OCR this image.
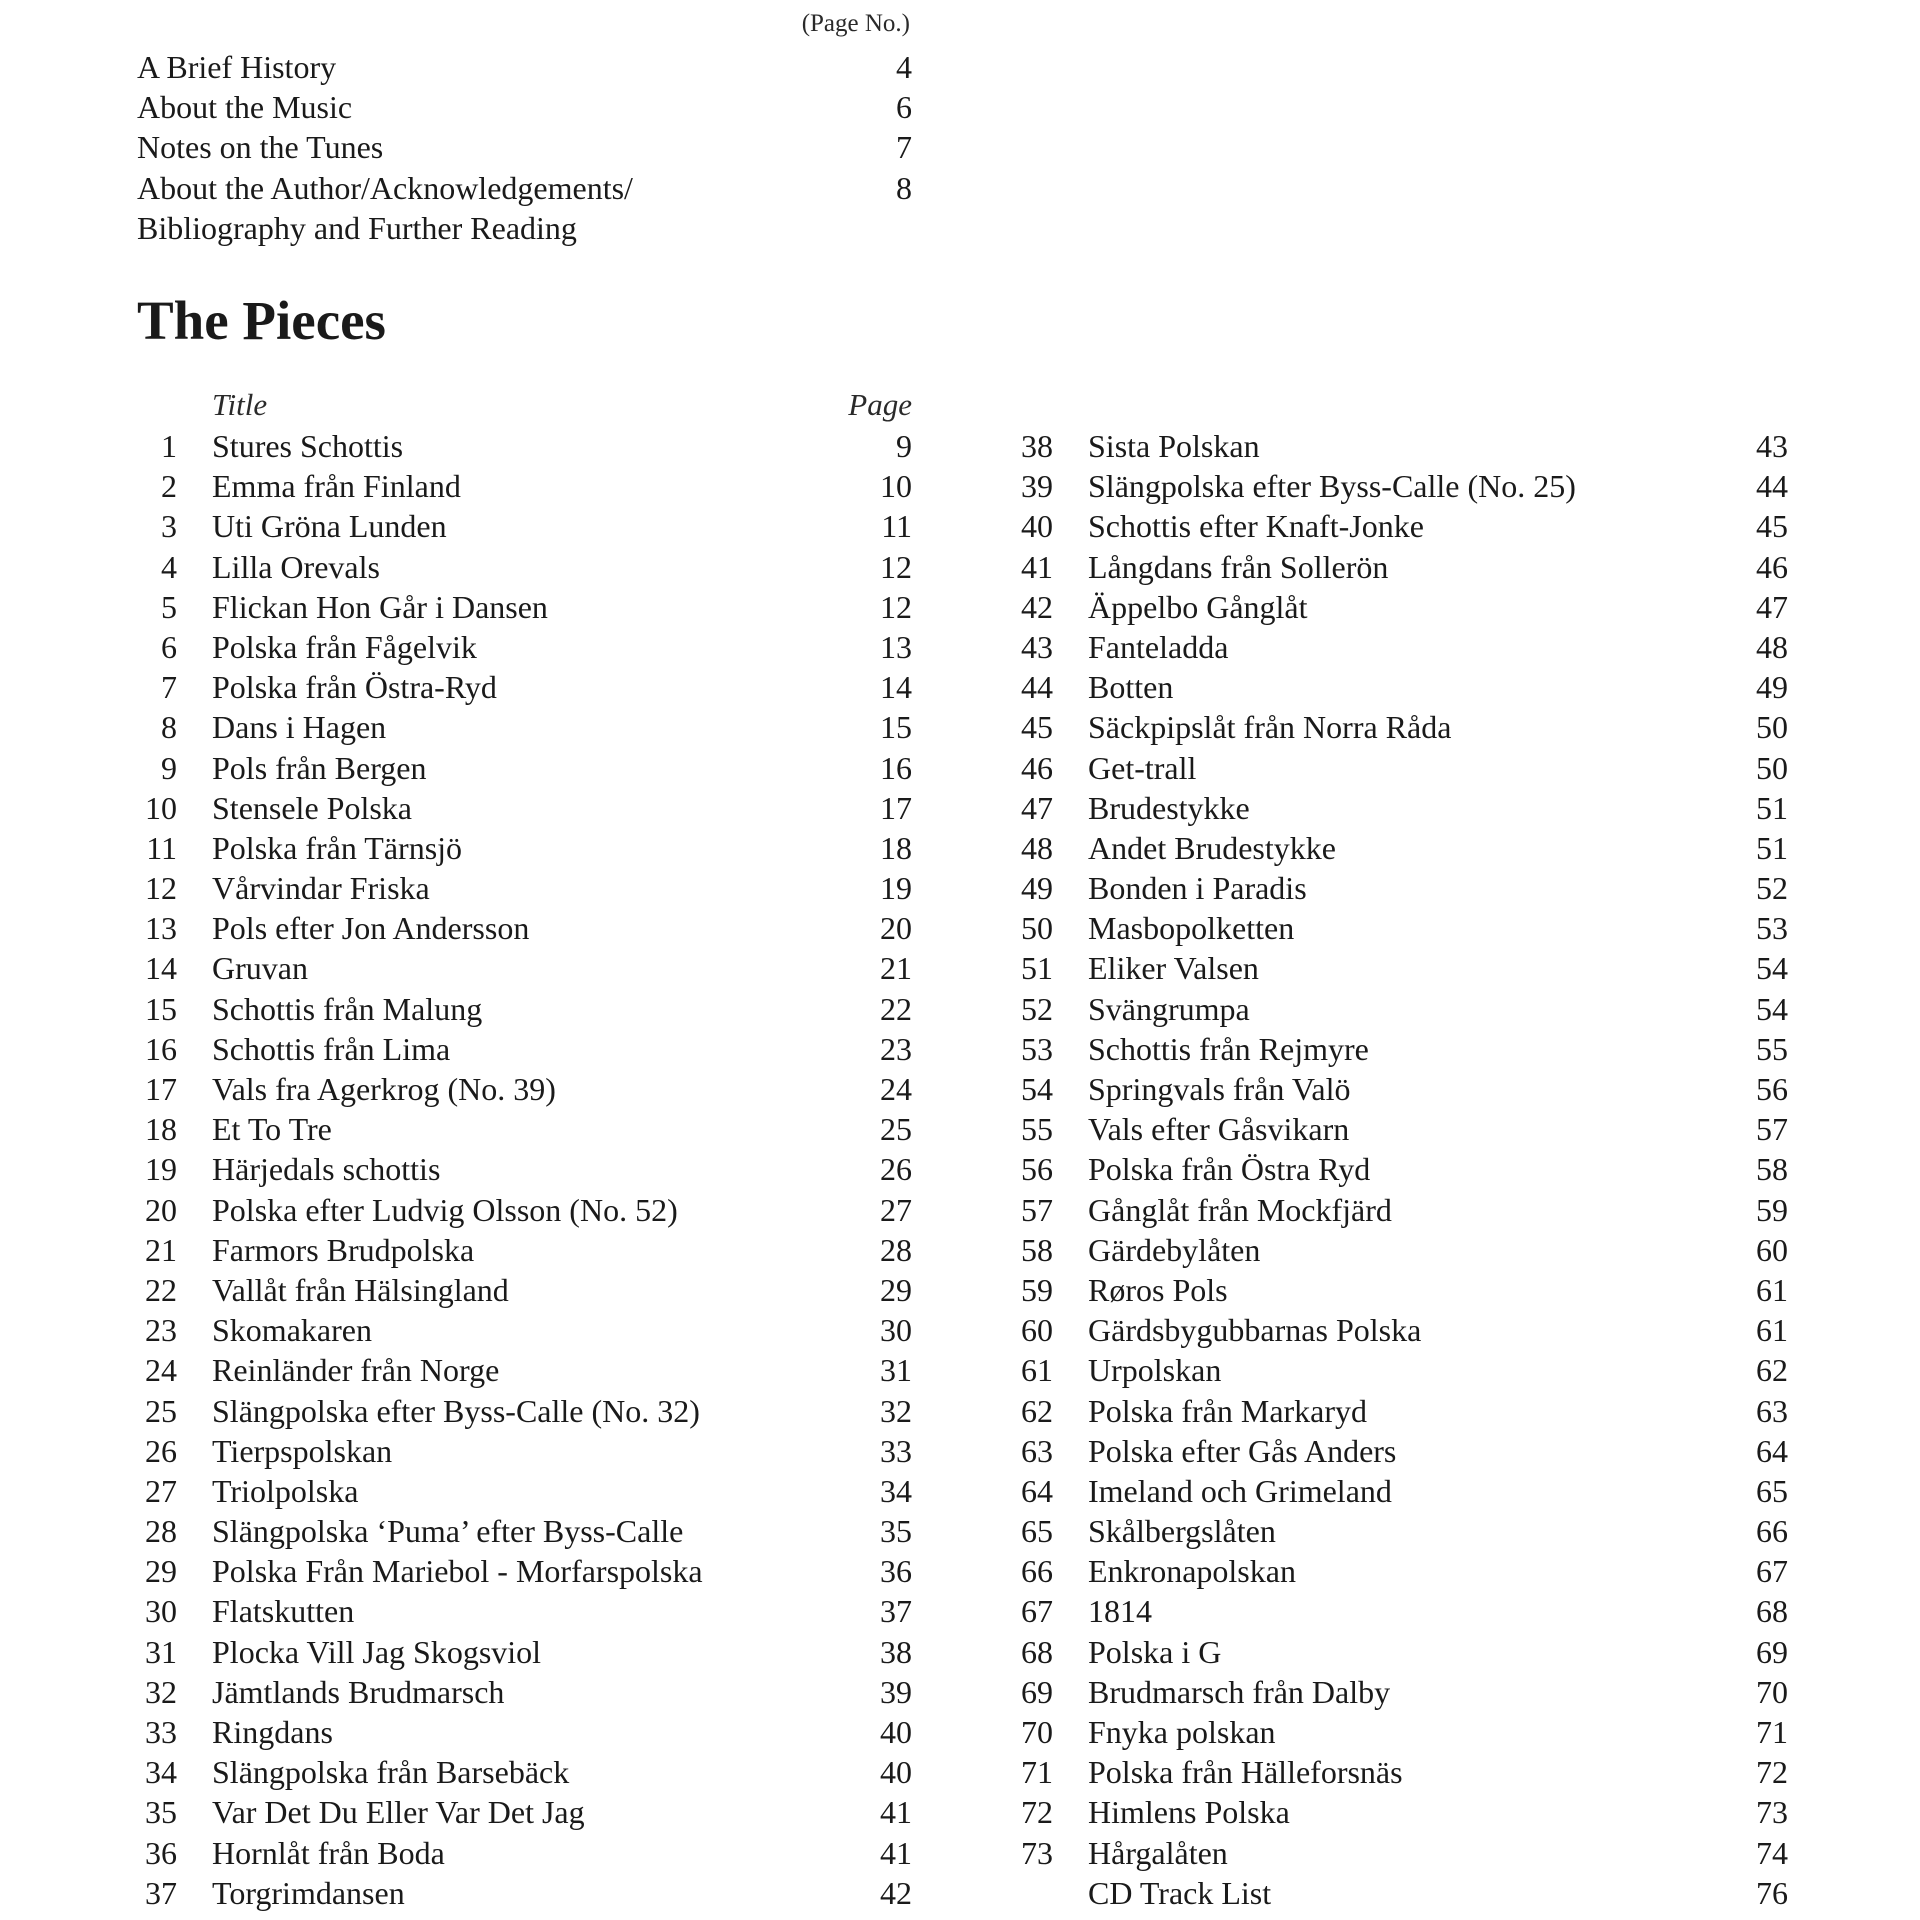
(Page No.)
A Brief History	4
About the Music	6
Notes on the Tunes	7
About the Author/Acknowledgements/	8
Bibliography and Further Reading
The Pieces
Title	Page
1 Stures Schottis	9
2 Emma från Finland	10
3 Uti Gröna Lunden	11
4 Lilla Orevals	12
5 Flickan Hon Går i Dansen	12
6 Polska från Fågelvik	13
7 Polska från Östra-Ryd	14
8 Dans i Hagen	15
9 Pols från Bergen	16
10 Stensele Polska	17
11 Polska från Tärnsjö	18
12 Vårvindar Friska	19
13 Pols efter Jon Andersson	20
14 Gruvan	21
15 Schottis från Malung	22
16 Schottis från Lima	23
17 Vals fra Agerkrog (No. 39)	24
18 Et To Tre	25
19 Härjedals schottis	26
20 Polska efter Ludvig Olsson (No. 52)	27
21 Farmors Brudpolska	28
22 Vallåt från Hälsingland	29
23 Skomakaren	30
24 Reinländer från Norge	31
25 Slängpolska efter Byss-Calle (No. 32)	32
26 Tierpspolskan	33
27 Triolpolska	34
28 Slängpolska ‘Puma’ efter Byss-Calle	35
29 Polska Från Mariebol - Morfarspolska	36
30 Flatskutten	37
31 Plocka Vill Jag Skogsviol	38
32 Jämtlands Brudmarsch	39
33 Ringdans	40
34 Slängpolska från Barsebäck	40
35 Var Det Du Eller Var Det Jag	41
36 Hornlåt från Boda	41
37 Torgrimdansen	42
38 Sista Polskan	43
39 Slängpolska efter Byss-Calle (No. 25)	44
40 Schottis efter Knaft-Jonke	45
41 Långdans från Sollerön	46
42 Äppelbo Gånglåt	47
43 Fanteladda	48
44 Botten	49
45 Säckpipslåt från Norra Råda	50
46 Get-trall	50
47 Brudestykke	51
48 Andet Brudestykke	51
49 Bonden i Paradis	52
50 Masbopolketten	53
51 Eliker Valsen	54
52 Svängrumpa	54
53 Schottis från Rejmyre	55
54 Springvals från Valö	56
55 Vals efter Gåsvikarn	57
56 Polska från Östra Ryd	58
57 Gånglåt från Mockfjärd	59
58 Gärdebylåten	60
59 Røros Pols	61
60 Gärdsbygubbarnas Polska	61
61 Urpolskan	62
62 Polska från Markaryd	63
63 Polska efter Gås Anders	64
64 Imeland och Grimeland	65
65 Skålbergslåten	66
66 Enkronapolskan	67
67 1814	68
68 Polska i G	69
69 Brudmarsch från Dalby	70
70 Fnyka polskan	71
71 Polska från Hälleforsnäs	72
72 Himlens Polska	73
73 Hårgalåten	74
CD Track List	76
